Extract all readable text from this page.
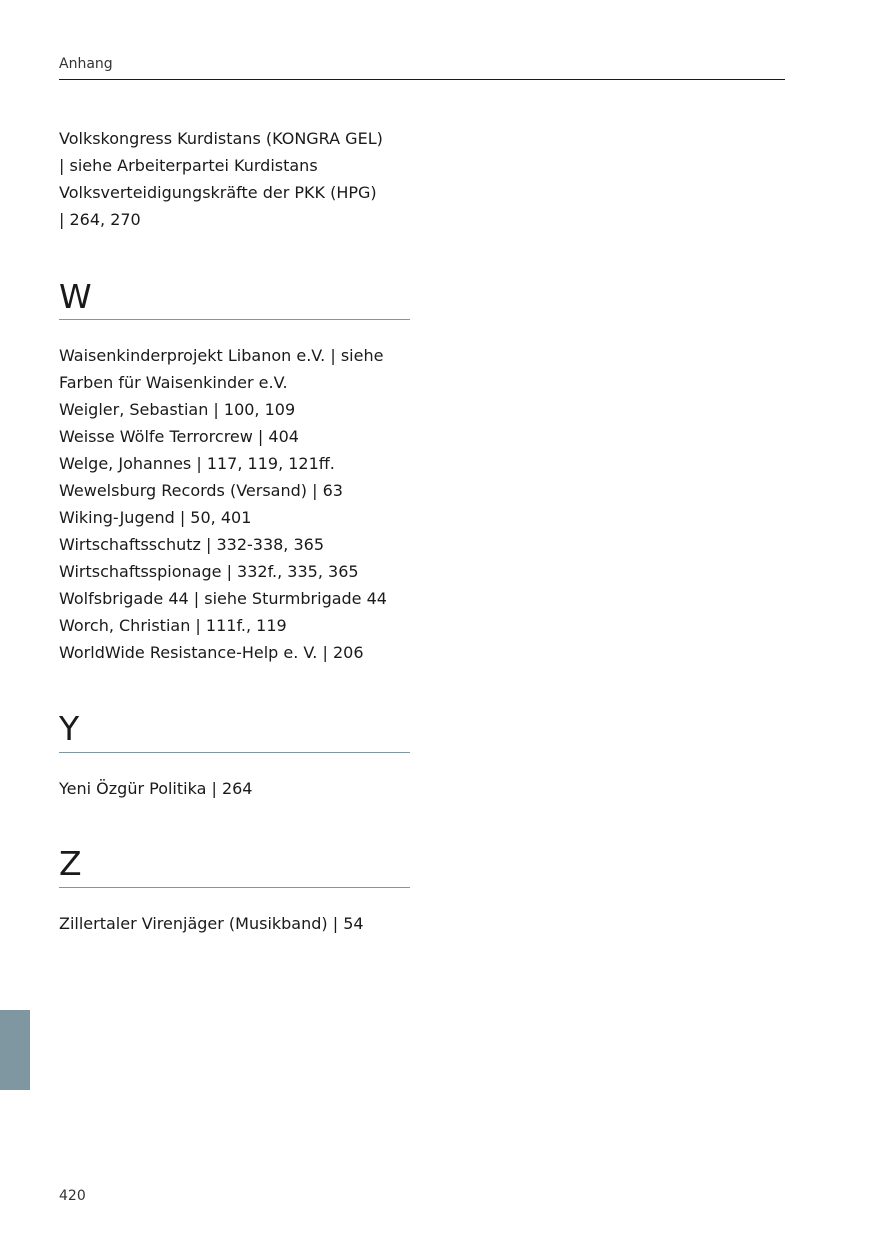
Anhang
Volkskongress Kurdistans (KONGRA GEL)
| siehe Arbeiterpartei Kurdistans
Volksverteidigungskräfte der PKK (HPG)
| 264, 270
W
Waisenkinderprojekt Libanon e.V. | siehe
Farben für Waisenkinder e.V.
Weigler, Sebastian | 100, 109
Weisse Wölfe Terrorcrew | 404
Welge, Johannes | 117, 119, 121ff.
Wewelsburg Records (Versand) | 63
Wiking-Jugend | 50, 401
Wirtschaftsschutz | 332-338, 365
Wirtschaftsspionage | 332f., 335, 365
Wolfsbrigade 44 | siehe Sturmbrigade 44
Worch, Christian | 111f., 119
WorldWide Resistance-Help e. V. | 206
Y
Yeni Özgür Politika | 264
Z
Zillertaler Virenjäger (Musikband) | 54
420
